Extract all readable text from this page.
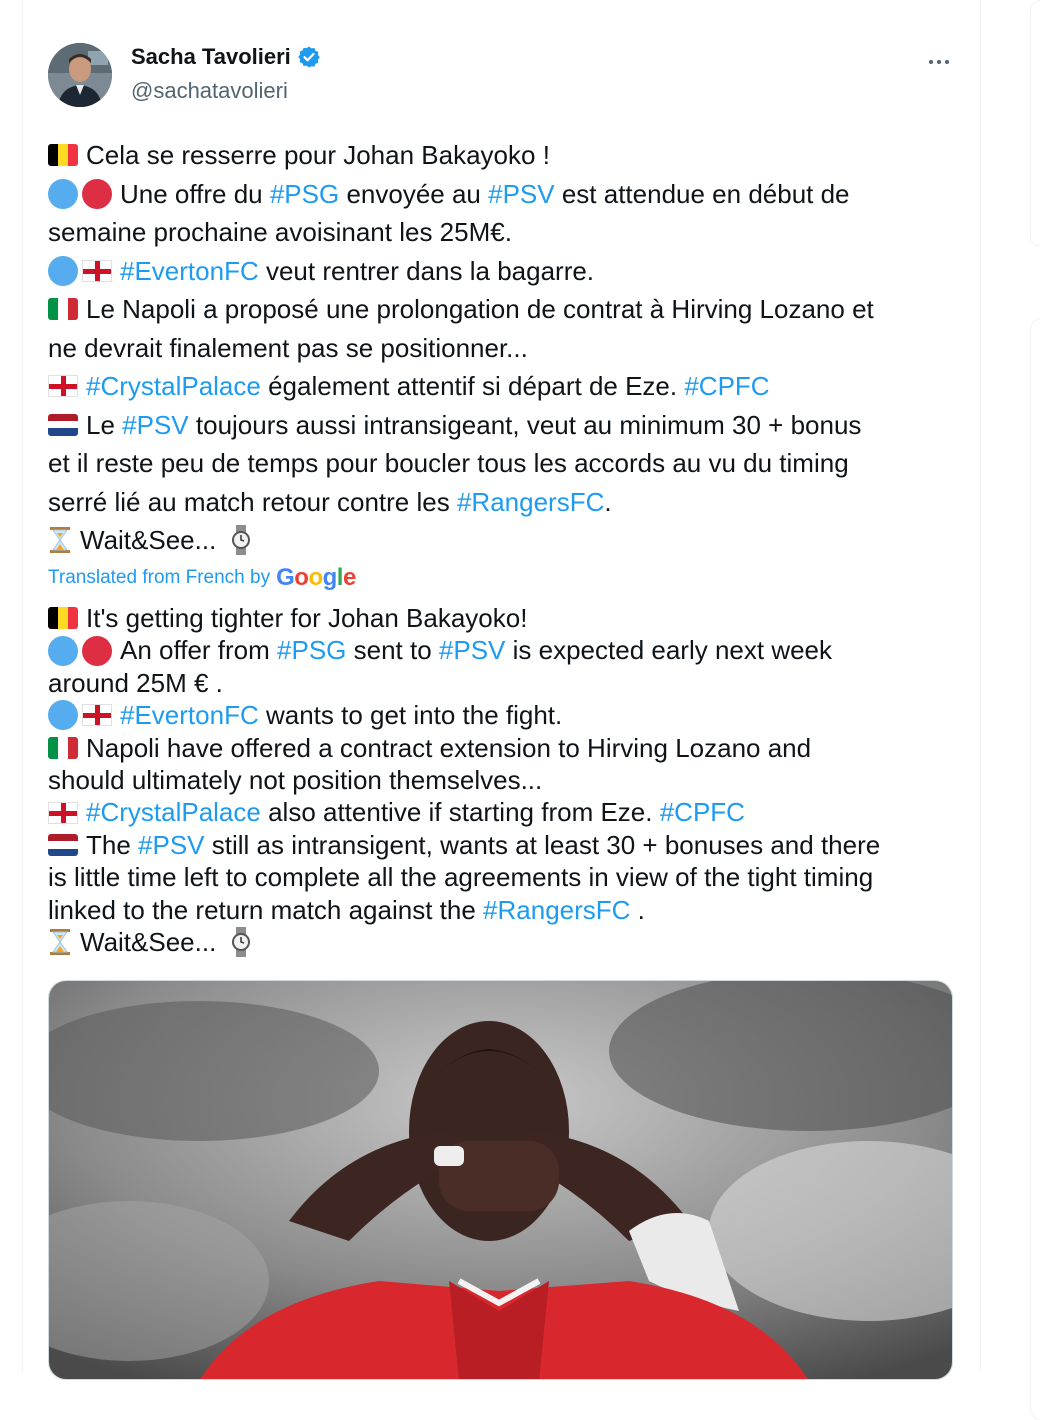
Sacha Tavolieri
@sachatavolieri
Cela se resserre pour Johan Bakayoko !
Une offre du #PSG envoyée au #PSV est attendue en début de
semaine prochaine avoisinant les 25M€.
#EvertonFC veut rentrer dans la bagarre.
Le Napoli a proposé une prolongation de contrat à Hirving Lozano et
ne devrait finalement pas se positionner...
#CrystalPalace également attentif si départ de Eze. #CPFC
Le #PSV toujours aussi intransigeant, veut au minimum 30 + bonus
et il reste peu de temps pour boucler tous les accords au vu du timing
serré lié au match retour contre les #RangersFC .
Wait&See...
Translated from French by Google
It's getting tighter for Johan Bakayoko!
An offer from #PSG sent to #PSV is expected early next week
around 25M € .
#EvertonFC wants to get into the fight.
Napoli have offered a contract extension to Hirving Lozano and
should ultimately not position themselves...
#CrystalPalace also attentive if starting from Eze. #CPFC
The #PSV still as intransigent, wants at least 30 + bonuses and there
is little time left to complete all the agreements in view of the tight timing
linked to the return match against the #RangersFC .
Wait&See...
